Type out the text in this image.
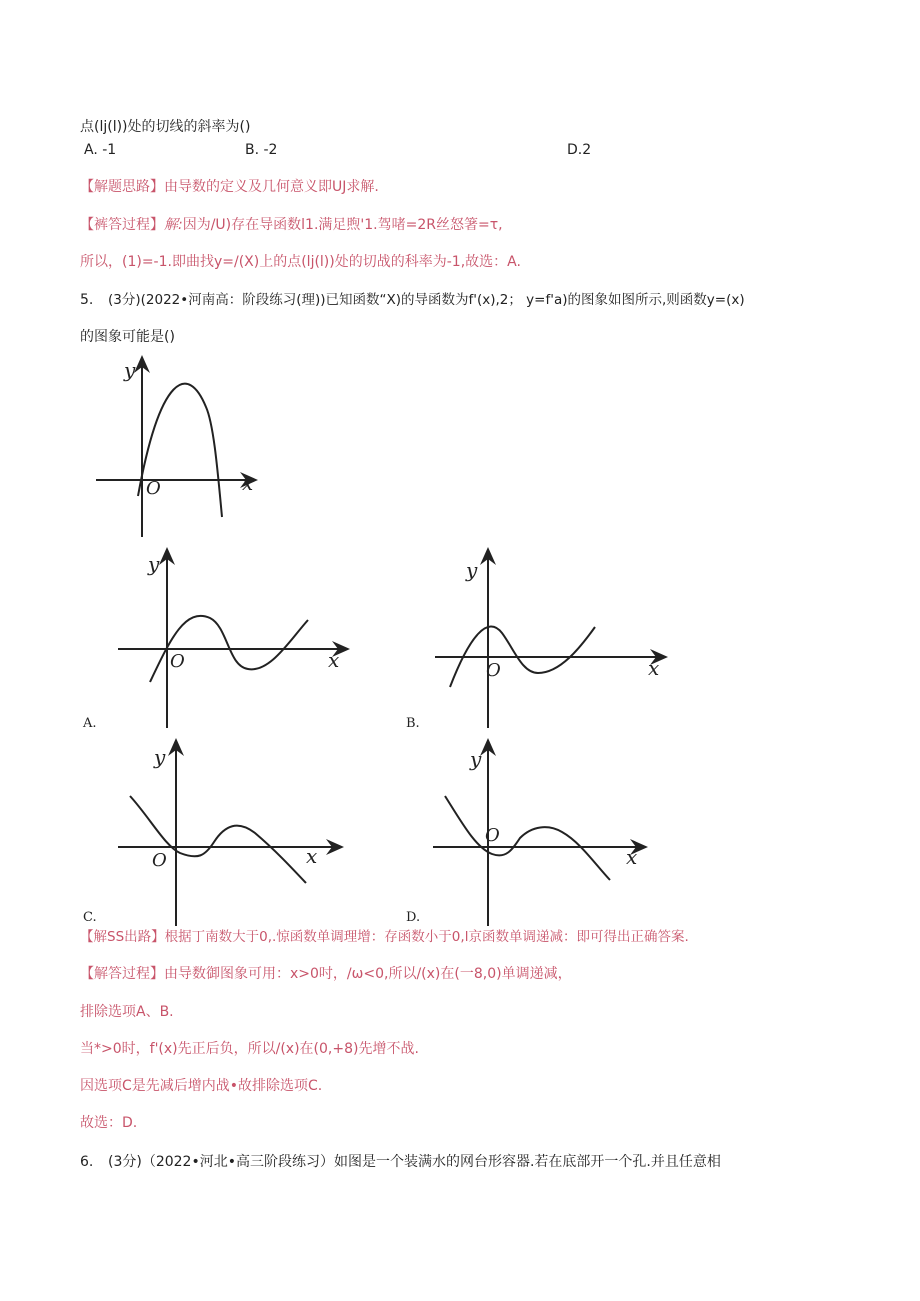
点(lj(l))处的切线的斜率为()
A. -1	B. -2	D.2
【解题思路】由导数的定义及几何意义即UJ求解.
【裤答过程】解:因为/U)存在导函数l1.满足煦'1.驾啫=2R丝怒箸=τ,
所以，(1)=-1.即曲找y=/(X)上的点(lj(l))处的切战的科率为-1,故选：A.
5. (3分)(2022•河南高：阶段练习(理))已知函数“X)的导函数为f'(x),2； y=f'a)的图象如图所示,则函数y=(x)
的图象可能是()
y
x
O
y
x
O
A.
y
x
O
B.
y
x
O
C.
y
x
O
D.
【解SS出路】根据丁南数大于0,.惊函数单调理增：存函数小于0,l京函数单调递减：即可得出正确答案.
【解答过程】由导数御图象可用：x>0吋，/ω<0,所以/(x)在(一8,0)单调递减，
排除选项A、B.
当*>0时，f'(x)先正后负，所以/(x)在(0,+8)先增不战.
因选项C是先减后增内战•故排除选项C.
故选：D.
6. (3分)（2022•河北•高三阶段练习）如图是一个装满水的网台形容器.若在底部开一个孔.并且任意相
